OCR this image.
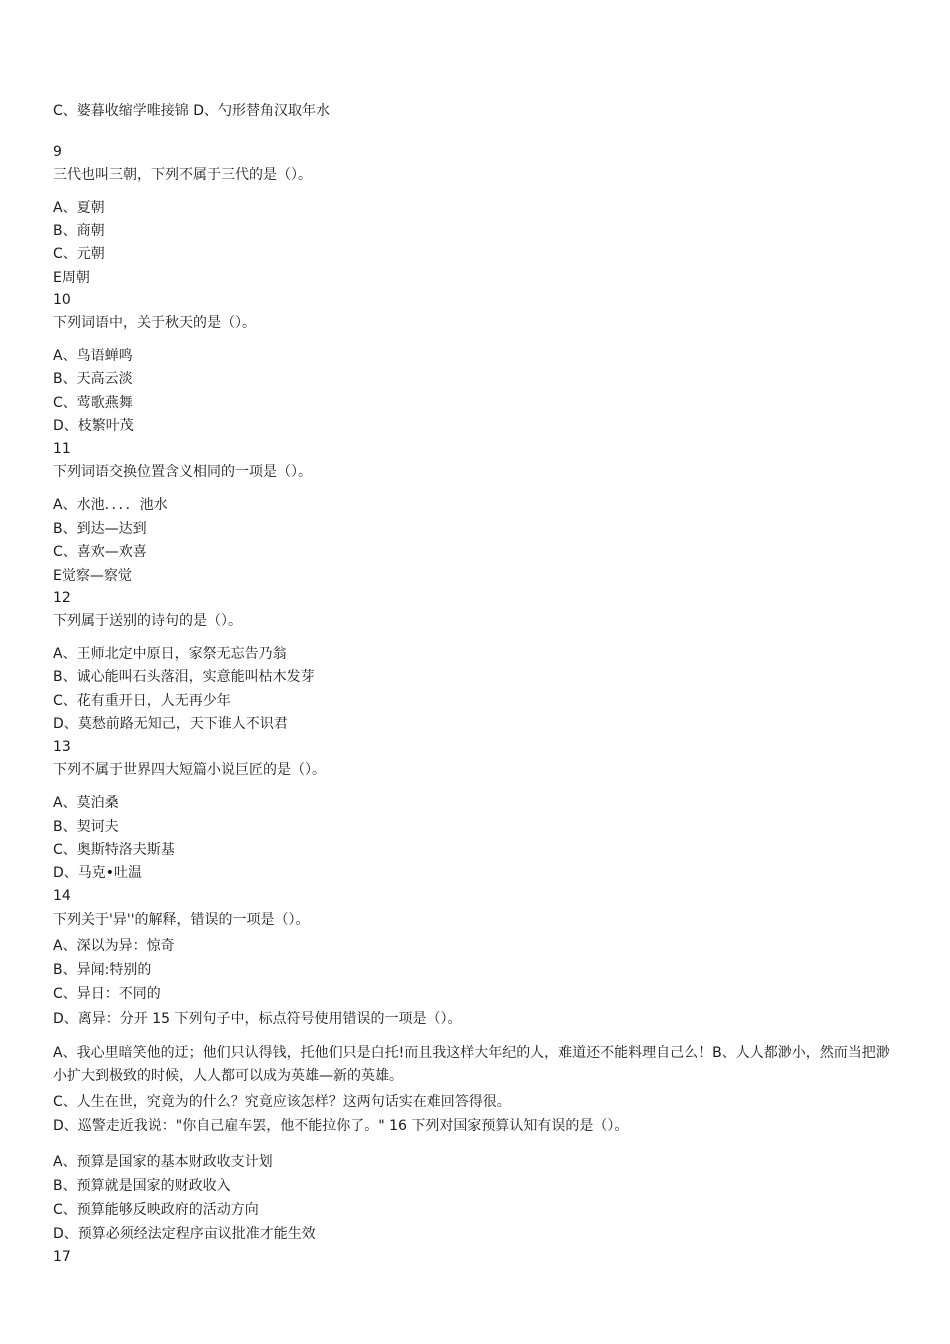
C、婆暮收缩学唯接锦 D、勺形替角汉取年水
9
三代也叫三朝，下列不属于三代的是（）。
A、夏朝
B、商朝
C、元朝
E周朝
10
下列词语中，关于秋天的是（）。
A、鸟语蝉鸣
B、天高云淡
C、莺歌燕舞
D、枝繁叶茂
11
下列词语交换位置含义相同的一项是（）。
A、水池．．．．池水
B、到达—达到
C、喜欢—欢喜
E觉察—察觉
12
下列属于送别的诗句的是（）。
A、王师北定中原日，家祭无忘告乃翁
B、诚心能叫石头落泪，实意能叫枯木发芽
C、花有重开日，人无再少年
D、莫愁前路无知己，天下谁人不识君
13
下列不属于世界四大短篇小说巨匠的是（）。
A、莫泊桑
B、契诃夫
C、奥斯特洛夫斯基
D、马克•吐温
14
下列关于'异''的解释，错误的一项是（）。
A、深以为异：惊奇
B、异闻:特别的
C、异日：不同的
D、离异：分开 15 下列句子中，标点符号使用错误的一项是（）。
A、我心里暗笑他的迂；他们只认得钱，托他们只是白托!而且我这样大年纪的人，难道还不能料理自己么！B、人人都渺小，然而当把渺小扩大到极致的时候，人人都可以成为英雄—新的英雄。
C、人生在世，究竟为的什么？究竟应该怎样？这两句话实在难回答得很。
D、巡警走近我说："你自己雇车罢，他不能拉你了。" 16 下列对国家预算认知有误的是（）。
A、预算是国家的基本财政收支计划
B、预算就是国家的财政收入
C、预算能够反映政府的活动方向
D、预算必须经法定程序亩议批准才能生效
17
